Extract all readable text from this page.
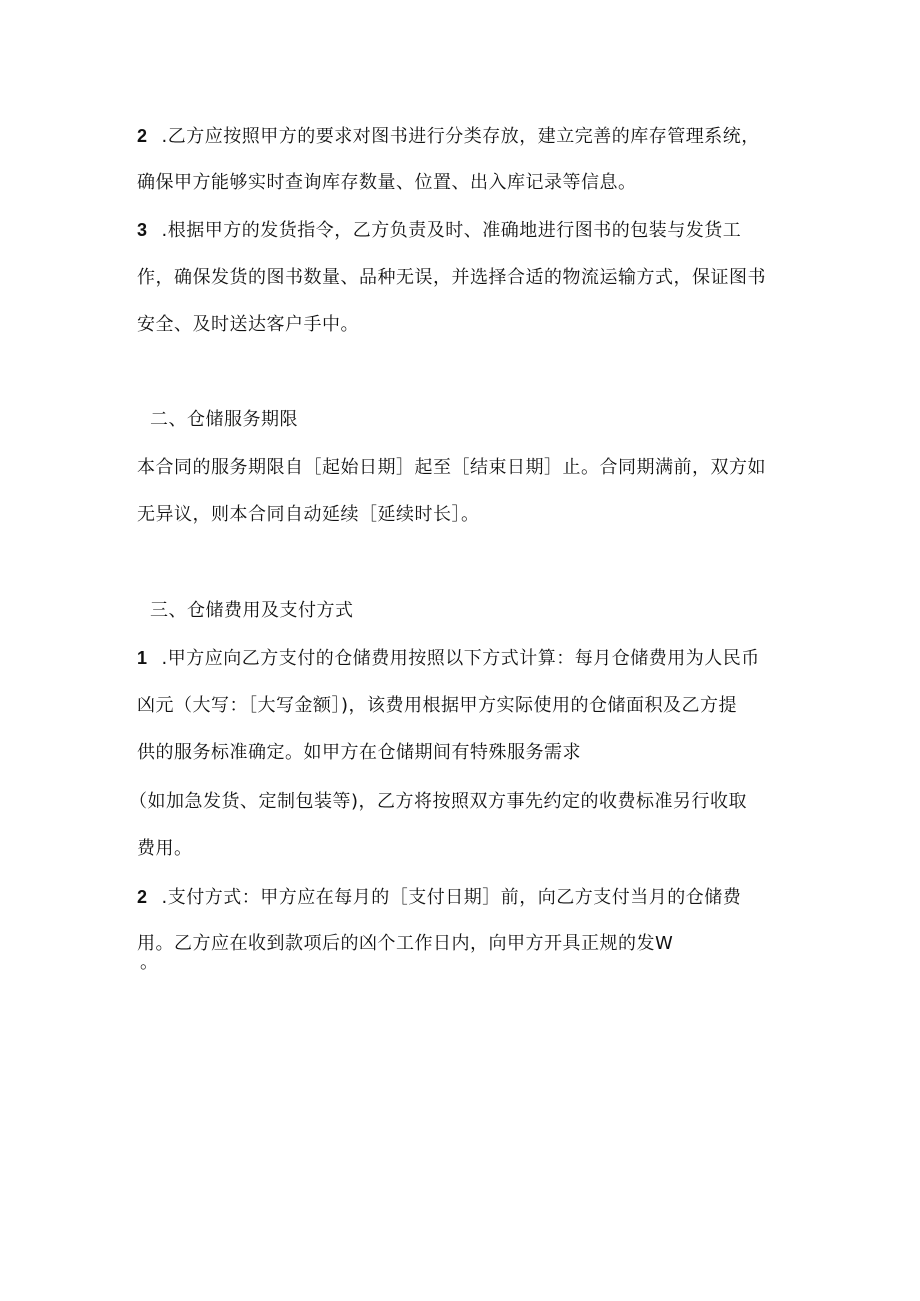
2 .乙方应按照甲方的要求对图书进行分类存放，建立完善的库存管理系统，
确保甲方能够实时查询库存数量、位置、出入库记录等信息。
3 .根据甲方的发货指令，乙方负责及时、准确地进行图书的包装与发货工
作，确保发货的图书数量、品种无误，并选择合适的物流运输方式，保证图书
安全、及时送达客户手中。
二、仓储服务期限
本合同的服务期限自［起始日期］起至［结束日期］止。合同期满前，双方如
无异议，则本合同自动延续［延续时长］。
三、仓储费用及支付方式
1 .甲方应向乙方支付的仓储费用按照以下方式计算：每月仓储费用为人民币
凶元（大写：［大写金额］)，该费用根据甲方实际使用的仓储面积及乙方提
供的服务标准确定。如甲方在仓储期间有特殊服务需求
（如加急发货、定制包装等)，乙方将按照双方事先约定的收费标准另行收取
费用。
2 .支付方式：甲方应在每月的［支付日期］前，向乙方支付当月的仓储费
用。乙方应在收到款项后的凶个工作日内，向甲方开具正规的发W
。
